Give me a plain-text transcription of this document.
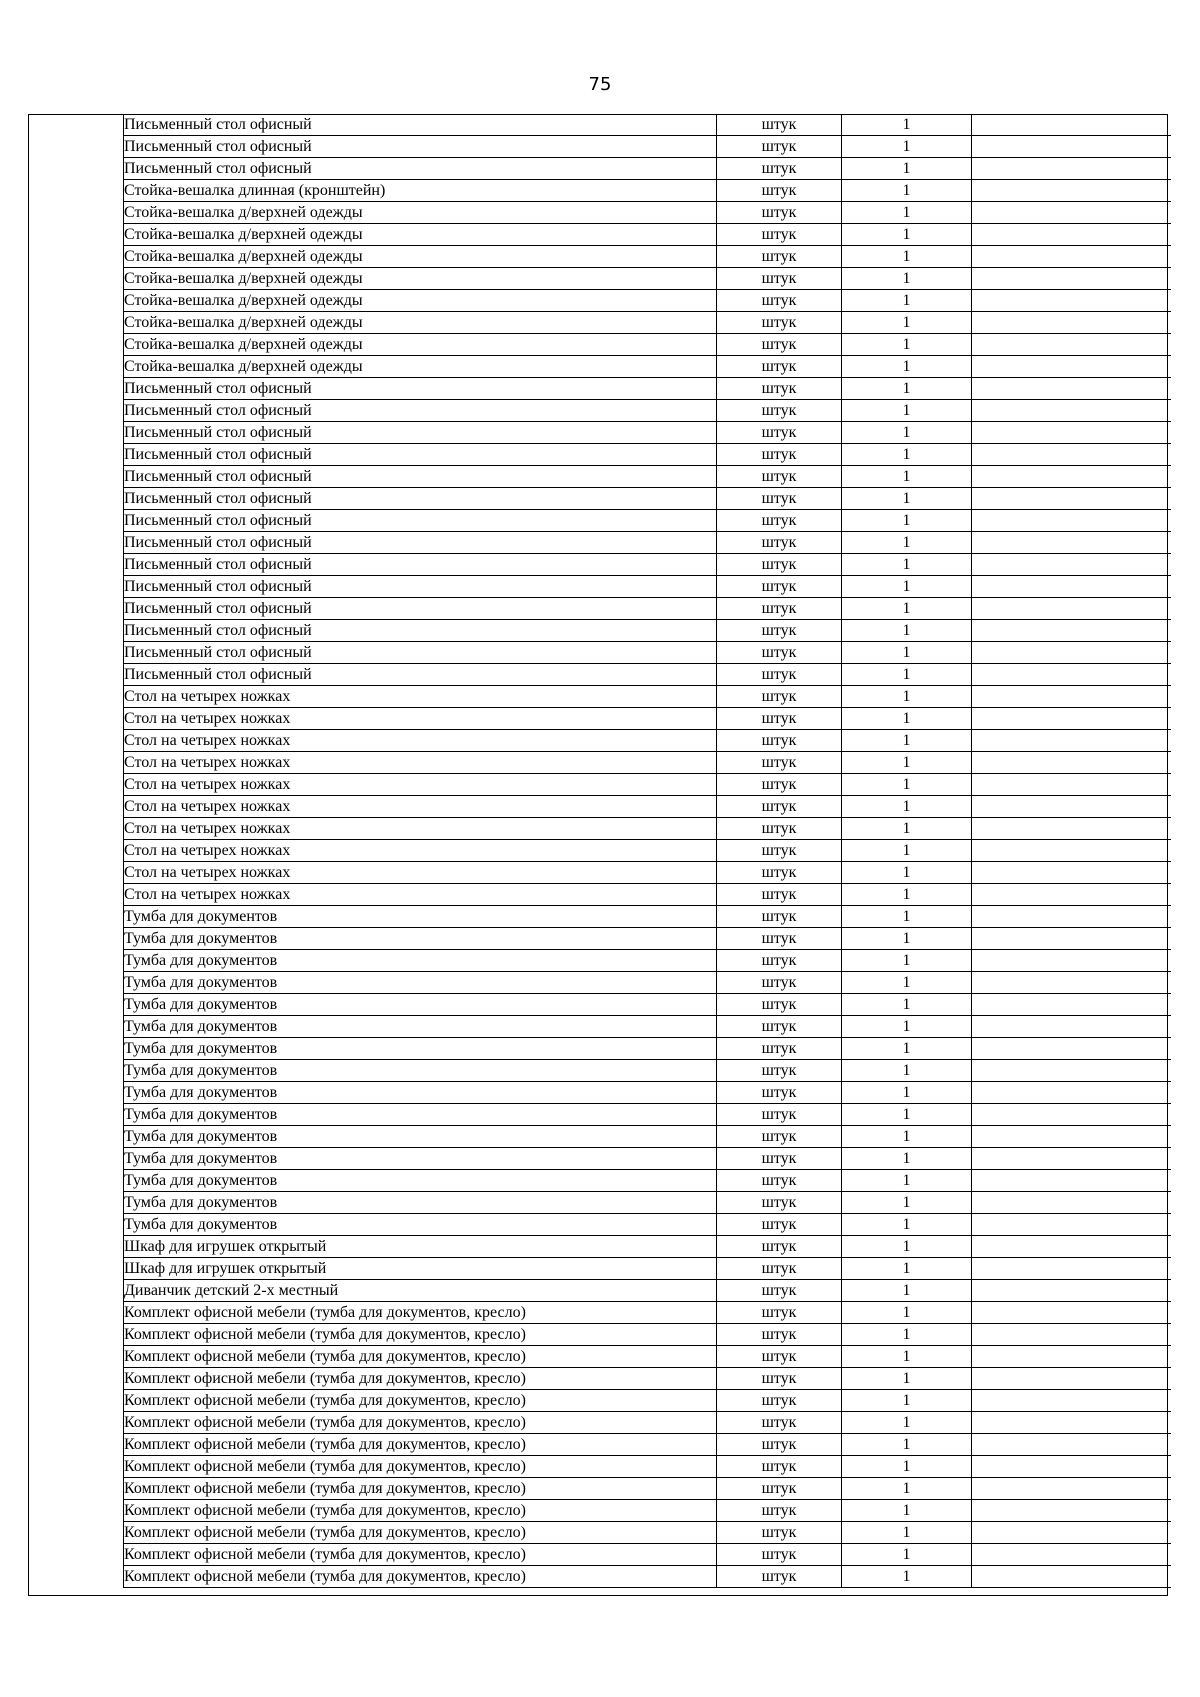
75
Письменный стол офисный	штук	1	
Письменный стол офисный	штук	1	
Письменный стол офисный	штук	1	
Стойка-вешалка длинная (кронштейн)	штук	1	
Стойка-вешалка д/верхней одежды	штук	1	
Стойка-вешалка д/верхней одежды	штук	1	
Стойка-вешалка д/верхней одежды	штук	1	
Стойка-вешалка д/верхней одежды	штук	1	
Стойка-вешалка д/верхней одежды	штук	1	
Стойка-вешалка д/верхней одежды	штук	1	
Стойка-вешалка д/верхней одежды	штук	1	
Стойка-вешалка д/верхней одежды	штук	1	
Письменный стол офисный	штук	1	
Письменный стол офисный	штук	1	
Письменный стол офисный	штук	1	
Письменный стол офисный	штук	1	
Письменный стол офисный	штук	1	
Письменный стол офисный	штук	1	
Письменный стол офисный	штук	1	
Письменный стол офисный	штук	1	
Письменный стол офисный	штук	1	
Письменный стол офисный	штук	1	
Письменный стол офисный	штук	1	
Письменный стол офисный	штук	1	
Письменный стол офисный	штук	1	
Письменный стол офисный	штук	1	
Стол на четырех ножках	штук	1	
Стол на четырех ножках	штук	1	
Стол на четырех ножках	штук	1	
Стол на четырех ножках	штук	1	
Стол на четырех ножках	штук	1	
Стол на четырех ножках	штук	1	
Стол на четырех ножках	штук	1	
Стол на четырех ножках	штук	1	
Стол на четырех ножках	штук	1	
Стол на четырех ножках	штук	1	
Тумба для документов	штук	1	
Тумба для документов	штук	1	
Тумба для документов	штук	1	
Тумба для документов	штук	1	
Тумба для документов	штук	1	
Тумба для документов	штук	1	
Тумба для документов	штук	1	
Тумба для документов	штук	1	
Тумба для документов	штук	1	
Тумба для документов	штук	1	
Тумба для документов	штук	1	
Тумба для документов	штук	1	
Тумба для документов	штук	1	
Тумба для документов	штук	1	
Тумба для документов	штук	1	
Шкаф для игрушек открытый	штук	1	
Шкаф для игрушек открытый	штук	1	
Диванчик детский 2-х местный	штук	1	
Комплект офисной мебели (тумба для документов, кресло)	штук	1	
Комплект офисной мебели (тумба для документов, кресло)	штук	1	
Комплект офисной мебели (тумба для документов, кресло)	штук	1	
Комплект офисной мебели (тумба для документов, кресло)	штук	1	
Комплект офисной мебели (тумба для документов, кресло)	штук	1	
Комплект офисной мебели (тумба для документов, кресло)	штук	1	
Комплект офисной мебели (тумба для документов, кресло)	штук	1	
Комплект офисной мебели (тумба для документов, кресло)	штук	1	
Комплект офисной мебели (тумба для документов, кресло)	штук	1	
Комплект офисной мебели (тумба для документов, кресло)	штук	1	
Комплект офисной мебели (тумба для документов, кресло)	штук	1	
Комплект офисной мебели (тумба для документов, кресло)	штук	1	
Комплект офисной мебели (тумба для документов, кресло)	штук	1	
